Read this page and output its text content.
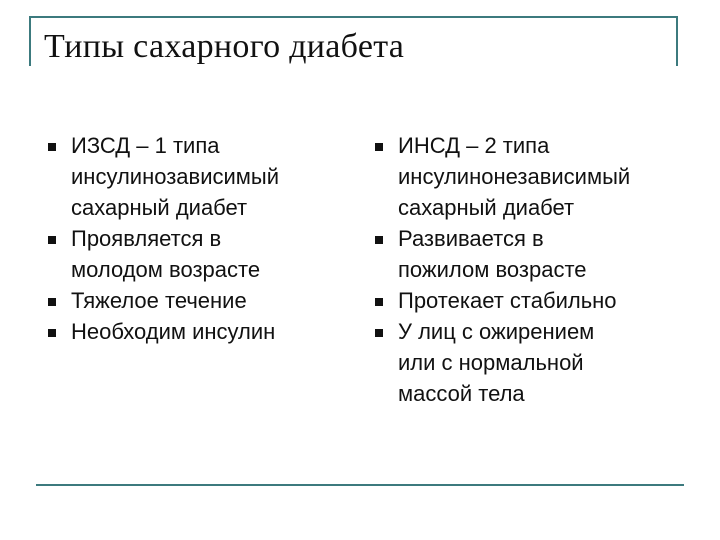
Типы сахарного диабета
ИЗСД – 1 типа
инсулинозависимый
сахарный диабет
Проявляется в
молодом возрасте
Тяжелое течение
Необходим инсулин
ИНСД – 2 типа
инсулинонезависимый
сахарный диабет
Развивается в
пожилом возрасте
Протекает стабильно
У лиц с ожирением
или с нормальной
массой тела
